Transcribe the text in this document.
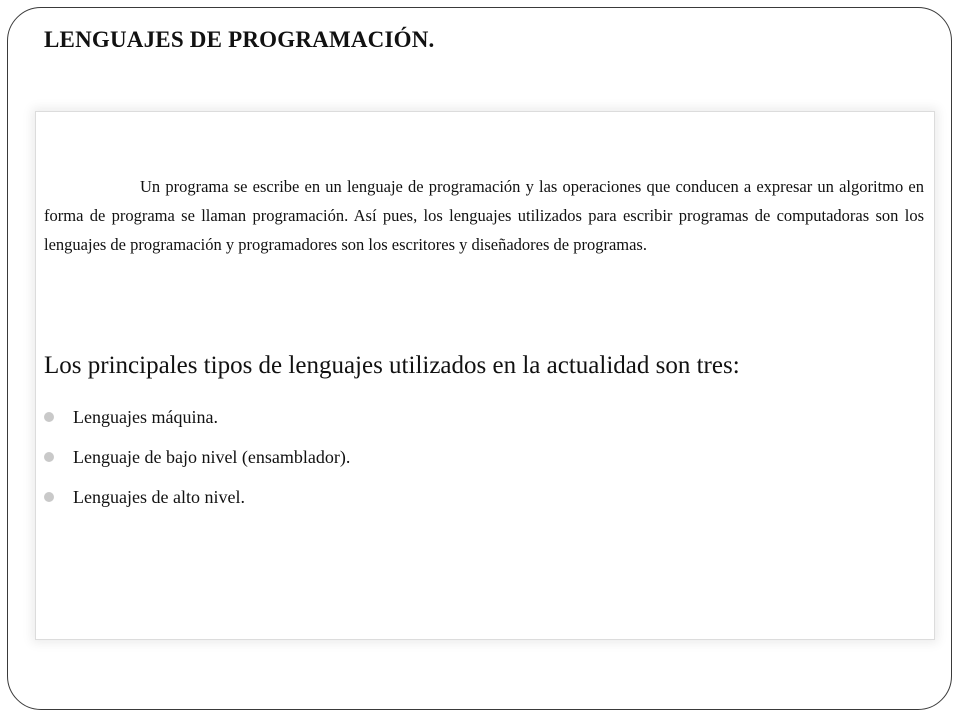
LENGUAJES DE PROGRAMACIÓN.

Un programa se escribe en un lenguaje de programación y las operaciones que conducen a expresar un algoritmo en forma de programa se llaman programación. Así pues, los lenguajes utilizados para escribir programas de computadoras son los lenguajes de programación y programadores son los escritores y diseñadores de programas.

Los principales tipos de lenguajes utilizados en la actualidad son tres:
Lenguajes máquina.
Lenguaje de bajo nivel (ensamblador).
Lenguajes de alto nivel.
